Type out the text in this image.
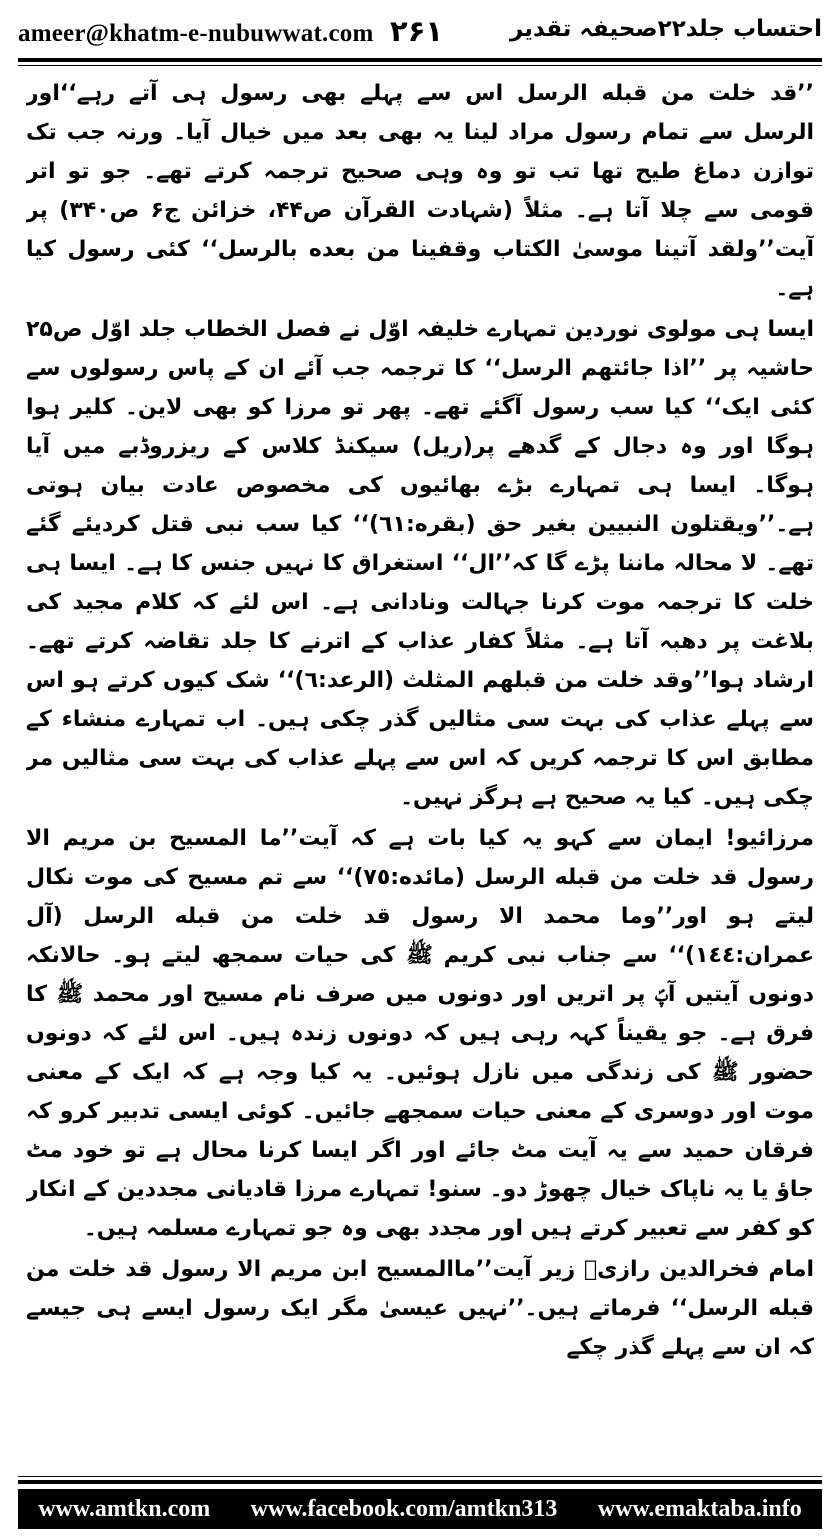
ameer@khatm-e-nubuwwat.com ۲۶۱	احتساب جلد۲۲صحیفہ تقدیر

’’قد خلت من قبله الرسل اس سے پہلے بھی رسول ہی آتے رہے‘‘اور الرسل سے تمام رسول مراد لینا یہ بھی بعد میں خیال آیا۔ ورنہ جب تک توازن دماغ طیح تھا تب تو وہ وہی صحیح ترجمہ کرتے تھے۔ جو تو اتر قومی سے چلا آتا ہے۔ مثلاً (شہادت القرآن ص۴۴، خزائن ج۶ ص۳۴۰) پر آیت’’ولقد آتینا موسیٰ الکتاب وقفینا من بعده بالرسل‘‘ کئی رسول کیا ہے۔

ایسا ہی مولوی نوردین تمہارے خلیفہ اوّل نے فصل الخطاب جلد اوّل ص۲۵ حاشیہ پر ’’اذا جائتهم الرسل‘‘ کا ترجمہ جب آئے ان کے پاس رسولوں سے کئی ایک‘‘ کیا سب رسول آگئے تھے۔ پھر تو مرزا کو بھی لاین۔ کلیر ہوا ہوگا اور وہ دجال کے گدھے پر(ریل) سیکنڈ کلاس کے ریزروڈبے میں آیا ہوگا۔ ایسا ہی تمہارے بڑے بھائیوں کی مخصوص عادت بیان ہوتی ہے۔’’ويقتلون النبيين بغير حق (بقره:٦١)‘‘ کیا سب نبی قتل کردیئے گئے تھے۔ لا محالہ ماننا پڑے گا کہ’’ال‘‘ استغراق کا نہیں جنس کا ہے۔ ایسا ہی خلت کا ترجمہ موت کرنا جہالت ونادانی ہے۔ اس لئے کہ کلام مجید کی بلاغت پر دھبہ آتا ہے۔ مثلاً کفار عذاب کے اترنے کا جلد تقاضہ کرتے تھے۔ ارشاد ہوا’’وقد خلت من قبلهم المثلث (الرعد:٦)‘‘ شک کیوں کرتے ہو اس سے پہلے عذاب کی بہت سی مثالیں گذر چکی ہیں۔ اب تمہارے منشاء کے مطابق اس کا ترجمہ کریں کہ اس سے پہلے عذاب کی بہت سی مثالیں مر چکی ہیں۔ کیا یہ صحیح ہے ہرگز نہیں۔

مرزائیو! ایمان سے کہو یہ کیا بات ہے کہ آیت’’ما المسيح بن مريم الا رسول قد خلت من قبله الرسل (مائده:٧٥)‘‘ سے تم مسیح کی موت نکال لیتے ہو اور’’وما محمد الا رسول قد خلت من قبله الرسل (آل عمران:١٤٤)‘‘ سے جناب نبی کریم ﷺ کی حیات سمجھ لیتے ہو۔ حالانکہ دونوں آیتیں آپؐ پر اتریں اور دونوں میں صرف نام مسیح اور محمد ﷺ کا فرق ہے۔ جو یقیناً کہہ رہی ہیں کہ دونوں زندہ ہیں۔ اس لئے کہ دونوں حضور ﷺ کی زندگی میں نازل ہوئیں۔ یہ کیا وجہ ہے کہ ایک کے معنی موت اور دوسری کے معنی حیات سمجھے جائیں۔ کوئی ایسی تدبیر کرو کہ فرقان حمید سے یہ آیت مٹ جائے اور اگر ایسا کرنا محال ہے تو خود مٹ جاؤ یا یہ ناپاک خیال چھوڑ دو۔ سنو! تمہارے مرزا قادیانی مجددین کے انکار کو کفر سے تعبیر کرتے ہیں اور مجدد بھی وہ جو تمہارے مسلمہ ہیں۔

امام فخرالدین رازیؒ زیر آیت’’ماالمسيح ابن مريم الا رسول قد خلت من قبله الرسل‘‘ فرماتے ہیں۔’’نہیں عیسیٰ مگر ایک رسول ایسے ہی جیسے کہ ان سے پہلے گذر چکے

www.amtkn.com www.facebook.com/amtkn313 www.emaktaba.info
